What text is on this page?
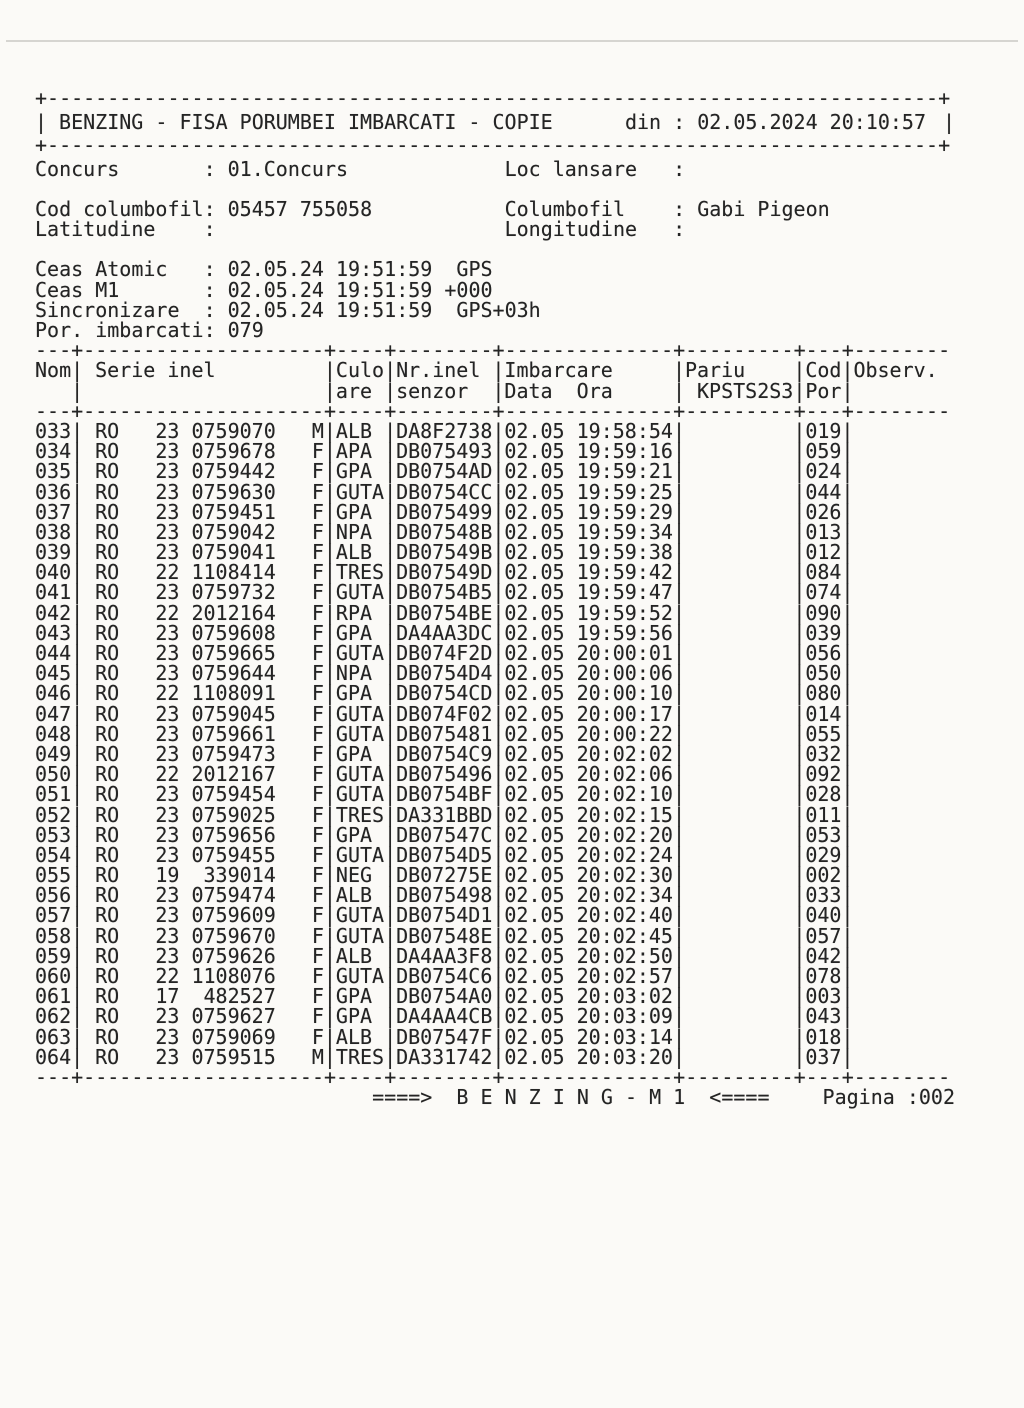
+--------------------------------------------------------------------------+
| BENZING - FISA PORUMBEI IMBARCATI - COPIE	din : 02.05.2024 20:10:57 |
+--------------------------------------------------------------------------+
Concurs	: 01.Concurs	Loc lansare	:
Cod columbofil : 05457 755058	Columbofil	: Gabi Pigeon
Latitudine	:	Longitudine	:
Ceas Atomic	: 02.05.24 19:51:59  GPS
Ceas M1	: 02.05.24 19:51:59 +000
Sincronizare	: 02.05.24 19:51:59  GPS+03h
Por. imbarcati : 079
---+--------------------+----+--------+--------------+---------+---+--------
Nom | Serie inel	| Culo | Nr.inel | Imbarcare	| Pariu	| Cod | Observ.
|	| are | senzor	| Data  Ora	| KPSTS2S3 | Por |
---+--------------------+----+--------+--------------+---------+---+--------
033 | RO	23 0759070	M | ALB | DA8F2738 | 02.05 19:58:54 |	| 019 |
034 | RO	23 0759678	F | APA | DB075493 | 02.05 19:59:16 |	| 059 |
035 | RO	23 0759442	F | GPA | DB0754AD | 02.05 19:59:21 |	| 024 |
036 | RO	23 0759630	F | GUTA | DB0754CC | 02.05 19:59:25 |	| 044 |
037 | RO	23 0759451	F | GPA | DB075499 | 02.05 19:59:29 |	| 026 |
038 | RO	23 0759042	F | NPA | DB07548B | 02.05 19:59:34 |	| 013 |
039 | RO	23 0759041	F | ALB | DB07549B | 02.05 19:59:38 |	| 012 |
040 | RO	22 1108414	F | TRES | DB07549D | 02.05 19:59:42 |	| 084 |
041 | RO	23 0759732	F | GUTA | DB0754B5 | 02.05 19:59:47 |	| 074 |
042 | RO	22 2012164	F | RPA | DB0754BE | 02.05 19:59:52 |	| 090 |
043 | RO	23 0759608	F | GPA | DA4AA3DC | 02.05 19:59:56 |	| 039 |
044 | RO	23 0759665	F | GUTA | DB074F2D | 02.05 20:00:01 |	| 056 |
045 | RO	23 0759644	F | NPA | DB0754D4 | 02.05 20:00:06 |	| 050 |
046 | RO	22 1108091	F | GPA | DB0754CD | 02.05 20:00:10 |	| 080 |
047 | RO	23 0759045	F | GUTA | DB074F02 | 02.05 20:00:17 |	| 014 |
048 | RO	23 0759661	F | GUTA | DB075481 | 02.05 20:00:22 |	| 055 |
049 | RO	23 0759473	F | GPA | DB0754C9 | 02.05 20:02:02 |	| 032 |
050 | RO	22 2012167	F | GUTA | DB075496 | 02.05 20:02:06 |	| 092 |
051 | RO	23 0759454	F | GUTA | DB0754BF | 02.05 20:02:10 |	| 028 |
052 | RO	23 0759025	F | TRES | DA331BBD | 02.05 20:02:15 |	| 011 |
053 | RO	23 0759656	F | GPA | DB07547C | 02.05 20:02:20 |	| 053 |
054 | RO	23 0759455	F | GUTA | DB0754D5 | 02.05 20:02:24 |	| 029 |
055 | RO	19	339014	F | NEG | DB07275E | 02.05 20:02:30 |	| 002 |
056 | RO	23 0759474	F | ALB | DB075498 | 02.05 20:02:34 |	| 033 |
057 | RO	23 0759609	F | GUTA | DB0754D1 | 02.05 20:02:40 |	| 040 |
058 | RO	23 0759670	F | GUTA | DB07548E | 02.05 20:02:45 |	| 057 |
059 | RO	23 0759626	F | ALB | DA4AA3F8 | 02.05 20:02:50 |	| 042 |
060 | RO	22 1108076	F | GUTA | DB0754C6 | 02.05 20:02:57 |	| 078 |
061 | RO	17	482527	F | GPA | DB0754A0 | 02.05 20:03:02 |	| 003 |
062 | RO	23 0759627	F | GPA | DA4AA4CB | 02.05 20:03:09 |	| 043 |
063 | RO	23 0759069	F | ALB | DB07547F | 02.05 20:03:14 |	| 018 |
064 | RO	23 0759515	M | TRES | DA331742 | 02.05 20:03:20 |	| 037 |
---+--------------------+----+--------+--------------+---------+---+--------
====>  B E N Z I N G - M 1  <====	Pagina : 002
